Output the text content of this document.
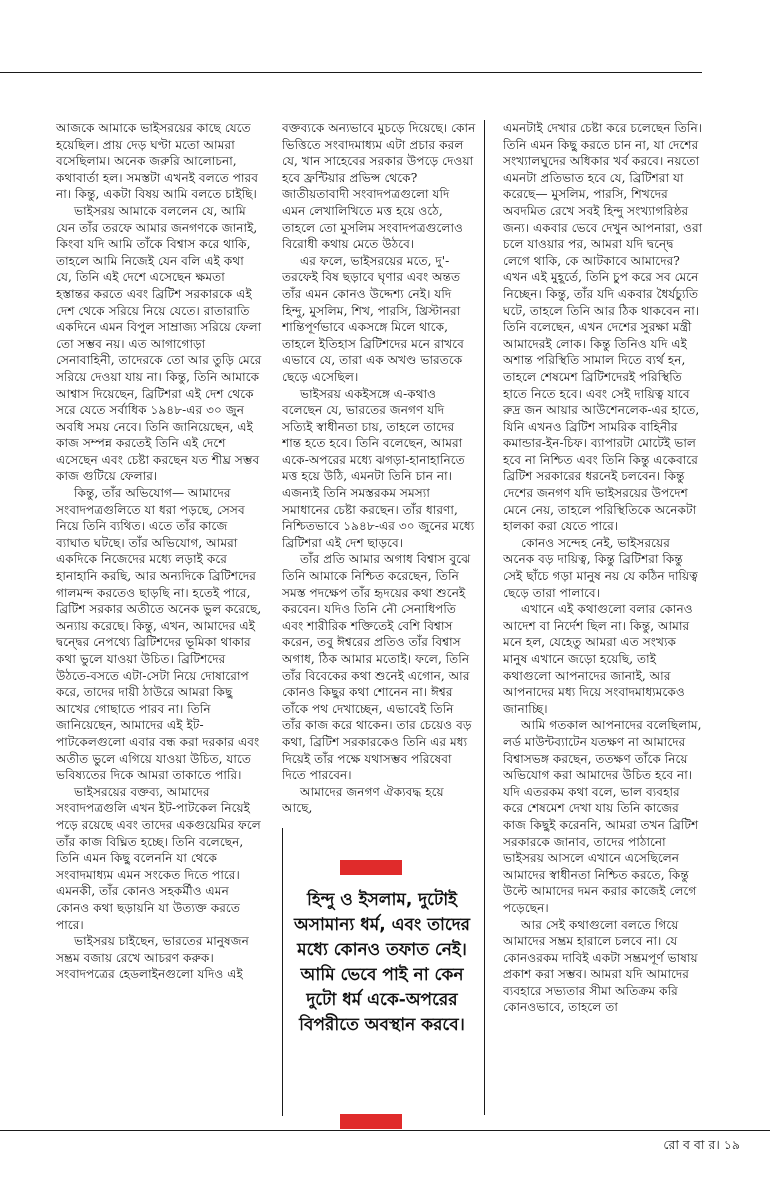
আজকে আমাকে ভাইসরয়ের কাছে যেতে হয়েছিল। প্রায় দেড় ঘণ্টা মতো আমরা বসেছিলাম। অনেক জরুরি আলোচনা, কথাবার্তা হল। সমস্তটা এখনই বলতে পারব না। কিন্তু, একটা বিষয় আমি বলতে চাইছি।

ভাইসরয় আমাকে বললেন যে, আমি যেন তাঁর তরফে আমার জনগণকে জানাই, কিংবা যদি আমি তাঁকে বিশ্বাস করে থাকি, তাহলে আমি নিজেই যেন বলি এই কথা যে, তিনি এই দেশে এসেছেন ক্ষমতা হস্তান্তর করতে এবং ব্রিটিশ সরকারকে এই দেশ থেকে সরিয়ে নিয়ে যেতে। রাতারাতি একদিনে এমন বিপুল সাম্রাজ্য সরিয়ে ফেলা তো সম্ভব নয়। এত আগাগোড়া সেনাবাহিনী, তাদেরকে তো আর তুড়ি মেরে সরিয়ে দেওয়া যায় না। কিন্তু, তিনি আমাকে আশ্বাস দিয়েছেন, ব্রিটিশরা এই দেশ থেকে সরে যেতে সর্বাধিক ১৯৪৮-এর ৩০ জুন অবধি সময় নেবে। তিনি জানিয়েছেন, এই কাজ সম্পন্ন করতেই তিনি এই দেশে এসেছেন এবং চেষ্টা করছেন যত শীঘ্র সম্ভব কাজ গুটিয়ে ফেলার।

কিন্তু, তাঁর অভিযোগ— আমাদের সংবাদপত্রগুলিতে যা ধরা পড়ছে, সেসব নিয়ে তিনি ব্যথিত। এতে তাঁর কাজে ব্যাঘাত ঘটছে। তাঁর অভিযোগ, আমরা একদিকে নিজেদের মধ্যে লড়াই করে হানাহানি করছি, আর অন্যদিকে ব্রিটিশদের গালমন্দ করতেও ছাড়ছি না। হতেই পারে, ব্রিটিশ সরকার অতীতে অনেক ভুল করেছে, অন্যায় করেছে। কিন্তু, এখন, আমাদের এই দ্বন্দ্বের নেপথ্যে ব্রিটিশদের ভূমিকা থাকার কথা ভুলে যাওয়া উচিত। ব্রিটিশদের উঠতে-বসতে এটা-সেটা নিয়ে দোষারোপ করে, তাদের দায়ী ঠাউরে আমরা কিছু আখের গোছাতে পারব না। তিনি জানিয়েছেন, আমাদের এই ইট-পাটকেলগুলো এবার বন্ধ করা দরকার এবং অতীত ভুলে এগিয়ে যাওয়া উচিত, যাতে ভবিষ্যতের দিকে আমরা তাকাতে পারি।

ভাইসরয়ের বক্তব্য, আমাদের সংবাদপত্রগুলি এখন ইট-পাটকেল নিয়েই পড়ে রয়েছে এবং তাদের একগুয়েমির ফলে তাঁর কাজ বিঘ্নিত হচ্ছে। তিনি বলেছেন, তিনি এমন কিছু বলেননি যা থেকে সংবাদমাধ্যম এমন সংকেত দিতে পারে। এমনকী, তাঁর কোনও সহকর্মীও এমন কোনও কথা ছড়ায়নি যা উত্যক্ত করতে পারে।

ভাইসরয় চাইছেন, ভারতের মানুষজন সম্ভ্রম বজায় রেখে আচরণ করুক। সংবাদপত্রের হেডলাইনগুলো যদিও এই

বক্তব্যকে অন্যভাবে মুচড়ে দিয়েছে। কোন ভিত্তিতে সংবাদমাধ্যম এটা প্রচার করল যে, খান সাহেবের সরকার উপড়ে দেওয়া হবে ফ্রন্টিয়ার প্রভিন্স থেকে? জাতীয়তাবাদী সংবাদপত্রগুলো যদি এমন লেখালিখিতে মত্ত হয়ে ওঠে, তাহলে তো মুসলিম সংবাদপত্রগুলোও বিরোধী কথায় মেতে উঠবে।

এর ফলে, ভাইসরয়ের মতে, দু'-তরফেই বিষ ছড়াবে ঘৃণার এবং অন্তত তাঁর এমন কোনও উদ্দেশ্য নেই। যদি হিন্দু, মুসলিম, শিখ, পারসি, খ্রিস্টানরা শান্তিপূর্ণভাবে একসঙ্গে মিলে থাকে, তাহলে ইতিহাস ব্রিটিশদের মনে রাখবে এভাবে যে, তারা এক অখণ্ড ভারতকে ছেড়ে এসেছিল।

ভাইসরয় একইসঙ্গে এ-কথাও বলেছেন যে, ভারতের জনগণ যদি সত্যিই স্বাধীনতা চায়, তাহলে তাদের শান্ত হতে হবে। তিনি বলেছেন, আমরা একে-অপরের মধ্যে ঝগড়া-হানাহানিতে মত্ত হয়ে উঠি, এমনটা তিনি চান না। এজন্যই তিনি সমস্তরকম সমস্যা সমাধানের চেষ্টা করছেন। তাঁর ধারণা, নিশ্চিতভাবে ১৯৪৮-এর ৩০ জুনের মধ্যে ব্রিটিশরা এই দেশ ছাড়বে।

তাঁর প্রতি আমার অগাধ বিশ্বাস বুঝে তিনি আমাকে নিশ্চিত করেছেন, তিনি সমস্ত পদক্ষেপ তাঁর হৃদয়ের কথা শুনেই করবেন। যদিও তিনি নৌ সেনাধিপতি এবং শারীরিক শক্তিতেই বেশি বিশ্বাস করেন, তবু ঈশ্বরের প্রতিও তাঁর বিশ্বাস অগাধ, ঠিক আমার মতোই। ফলে, তিনি তাঁর বিবেকের কথা শুনেই এগোন, আর কোনও কিছুর কথা শোনেন না। ঈশ্বর তাঁকে পথ দেখাচ্ছেন, এভাবেই তিনি তাঁর কাজ করে থাকেন। তার চেয়েও বড় কথা, ব্রিটিশ সরকারকেও তিনি এর মধ্য দিয়েই তাঁর পক্ষে যথাসম্ভব পরিষেবা দিতে পারবেন।

আমাদের জনগণ ঐক্যবদ্ধ হয়ে আছে,

হিন্দু ও ইসলাম, দুটোই অসামান্য ধর্ম, এবং তাদের মধ্যে কোনও তফাত নেই। আমি ভেবে পাই না কেন দুটো ধর্ম একে-অপরের বিপরীতে অবস্থান করবে।

এমনটাই দেখার চেষ্টা করে চলেছেন তিনি। তিনি এমন কিছু করতে চান না, যা দেশের সংখ্যালঘুদের অধিকার খর্ব করবে। নয়তো এমনটা প্রতিভাত হবে যে, ব্রিটিশরা যা করেছে— মুসলিম, পারসি, শিখদের অবদমিত রেখে সবই হিন্দু সংখ্যাগরিষ্ঠর জন্য। একবার ভেবে দেখুন আপনারা, ওরা চলে যাওয়ার পর, আমরা যদি দ্বন্দ্বে লেগে থাকি, কে আটকাবে আমাদের? এখন এই মুহূর্তে, তিনি চুপ করে সব মেনে নিচ্ছেন। কিন্তু, তাঁর যদি একবার ধৈর্যচ্যুতি ঘটে, তাহলে তিনি আর ঠিক থাকবেন না। তিনি বলেছেন, এখন দেশের সুরক্ষা মন্ত্রী আমাদেরই লোক। কিন্তু তিনিও যদি এই অশান্ত পরিস্থিতি সামাল দিতে ব্যর্থ হন, তাহলে শেষমেশ ব্রিটিশদেরই পরিস্থিতি হাতে নিতে হবে। এবং সেই দায়িত্ব যাবে রুদ্র জন আয়ার আউশেনলেক-এর হাতে, যিনি এখনও ব্রিটিশ সামরিক বাহিনীর কমান্ডার-ইন-চিফ। ব্যাপারটা মোটেই ভাল হবে না নিশ্চিত এবং তিনি কিন্তু একেবারে ব্রিটিশ সরকারের ধরনেই চলবেন। কিন্তু দেশের জনগণ যদি ভাইসরয়ের উপদেশ মেনে নেয়, তাহলে পরিস্থিতিকে অনেকটা হালকা করা যেতে পারে।

কোনও সন্দেহ নেই, ভাইসরয়ের অনেক বড় দায়িত্ব, কিন্তু ব্রিটিশরা কিন্তু সেই ছাঁচে গড়া মানুষ নয় যে কঠিন দায়িত্ব ছেড়ে তারা পালাবে।

এখানে এই কথাগুলো বলার কোনও আদেশ বা নির্দেশ ছিল না। কিন্তু, আমার মনে হল, যেহেতু আমরা এত সংখ্যক মানুষ এখানে জড়ো হয়েছি, তাই কথাগুলো আপনাদের জানাই, আর আপনাদের মধ্য দিয়ে সংবাদমাধ্যমকেও জানাচ্ছি।

আমি গতকাল আপনাদের বলেছিলাম, লর্ড মাউন্টব্যাটেন যতক্ষণ না আমাদের বিশ্বাসভঙ্গ করছেন, ততক্ষণ তাঁকে নিয়ে অভিযোগ করা আমাদের উচিত হবে না। যদি এতরকম কথা বলে, ভাল ব্যবহার করে শেষমেশ দেখা যায় তিনি কাজের কাজ কিছুই করেননি, আমরা তখন ব্রিটিশ সরকারকে জানাব, তাদের পাঠানো ভাইসরয় আসলে এখানে এসেছিলেন আমাদের স্বাধীনতা নিশ্চিত করতে, কিন্তু উল্টে আমাদের দমন করার কাজেই লেগে পড়েছেন।

আর সেই কথাগুলো বলতে গিয়ে আমাদের সম্ভ্রম হারালে চলবে না। যে কোনওরকম দাবিই একটা সম্ভ্রমপূর্ণ ভাষায় প্রকাশ করা সম্ভব। আমরা যদি আমাদের ব্যবহারে সভ্যতার সীমা অতিক্রম করি কোনওভাবে, তাহলে তা

রো ব বা র। ১৯
